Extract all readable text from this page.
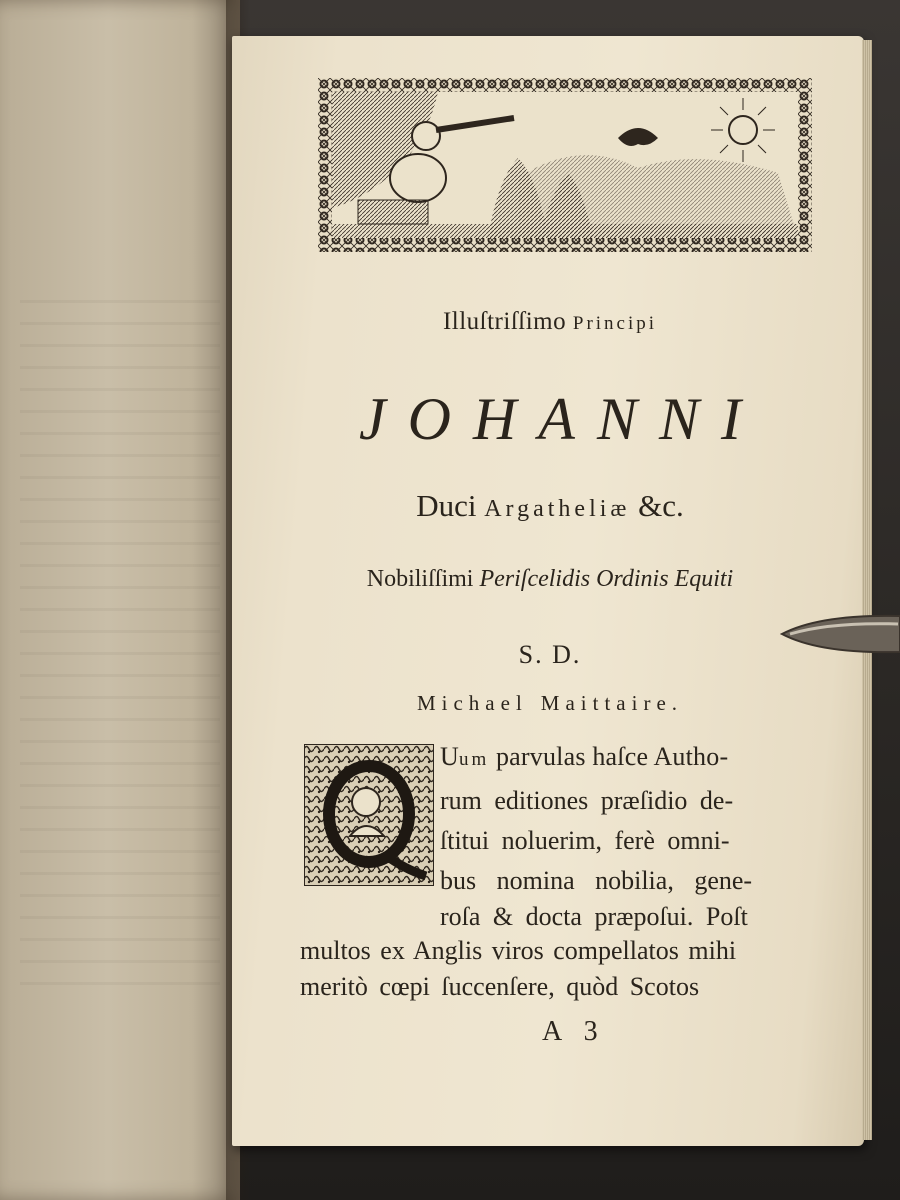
Illuſtriſſimo Principi
JOHANNI
Duci Argatheliæ &c.
Nobiliſſimi Periſcelidis Ordinis Equiti
S. D.
Michael Maittaire.
Uum parvulas haſce Autho-
rum editiones præſidio de-
ſtitui noluerim, ferè omni-
bus nomina nobilia, gene-
roſa & docta præpoſui. Poſt
multos ex Anglis viros compellatos mihi
meritò cœpi ſuccenſere, quòd Scotos
A 3
